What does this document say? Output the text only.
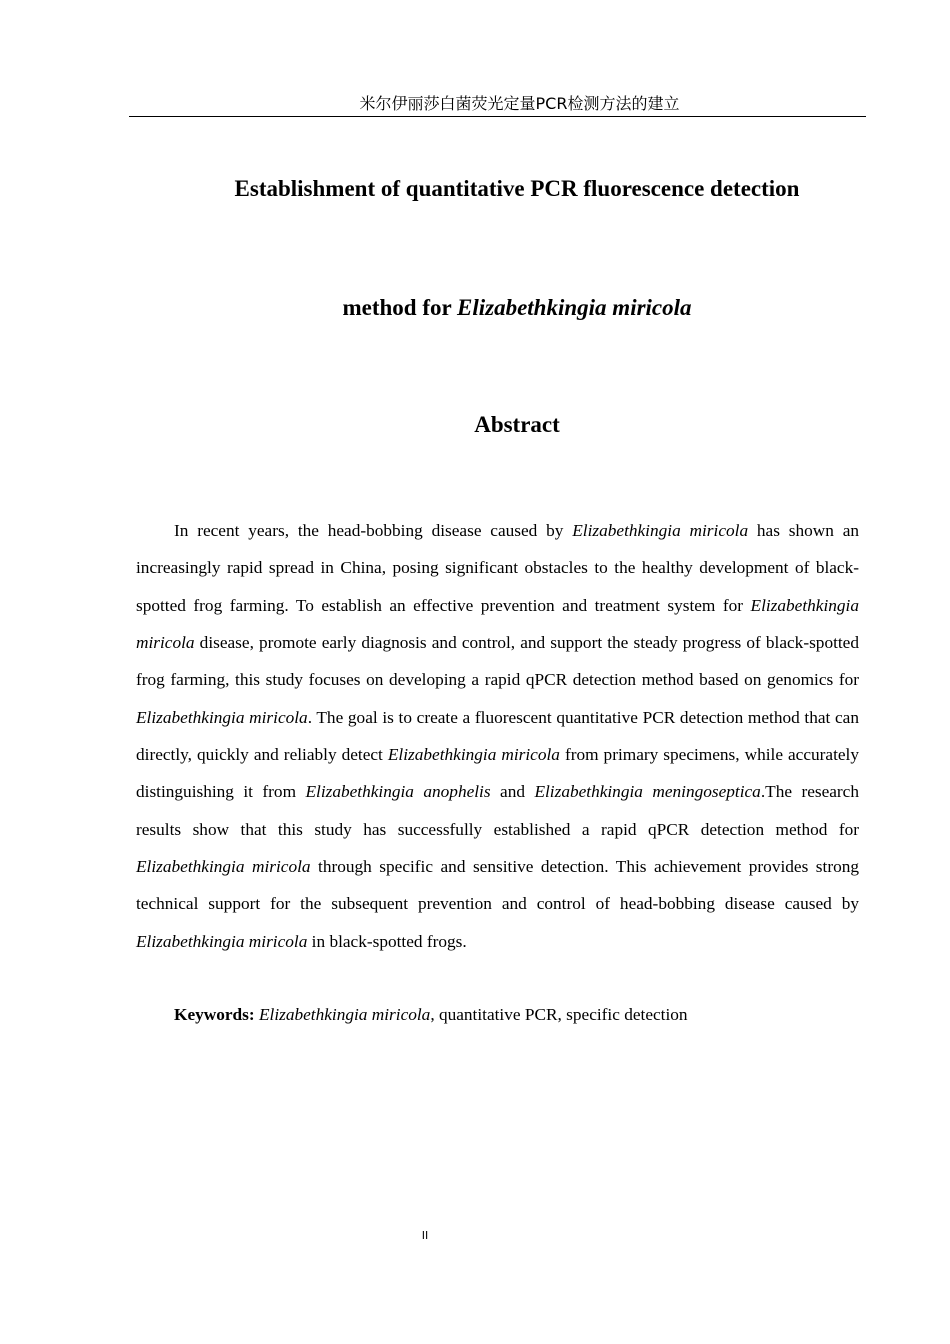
米尔伊丽莎白菌荧光定量PCR检测方法的建立
Establishment of quantitative PCR fluorescence detection
method for Elizabethkingia miricola
Abstract

In recent years, the head-bobbing disease caused by Elizabethkingia miricola has shown an increasingly rapid spread in China, posing significant obstacles to the healthy development of black-spotted frog farming. To establish an effective prevention and treatment system for Elizabethkingia miricola disease, promote early diagnosis and control, and support the steady progress of black-spotted frog farming, this study focuses on developing a rapid qPCR detection method based on genomics for Elizabethkingia miricola. The goal is to create a fluorescent quantitative PCR detection method that can directly, quickly and reliably detect Elizabethkingia miricola from primary specimens, while accurately distinguishing it from Elizabethkingia anophelis and Elizabethkingia meningoseptica.The research results show that this study has successfully established a rapid qPCR detection method for Elizabethkingia miricola through specific and sensitive detection. This achievement provides strong technical support for the subsequent prevention and control of head-bobbing disease caused by Elizabethkingia miricola in black-spotted frogs.

Keywords: Elizabethkingia miricola, quantitative PCR, specific detection

II
